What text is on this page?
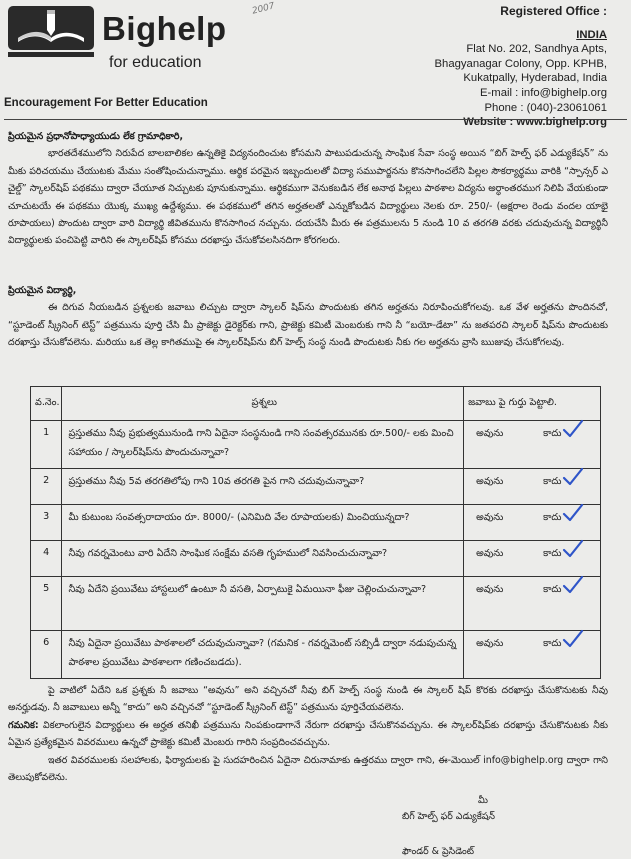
Bighelp
for education
Encouragement For Better Education
2007	Registered Office :
INDIA
Flat No. 202, Sandhya Apts,
Bhagyanagar Colony, Opp. KPHB,
Kukatpally, Hyderabad, India
E-mail : info@bighelp.org
Phone : (040)-23061061
Website : www.bighelp.org

ప్రియమైన ప్రధానోపాధ్యాయుడు లేక గ్రామాధికారి,

భారతదేశములోని నిరుపేద బాలబాలికల ఉన్నతికై విద్యనందించుట కోసమని పాటుపడుచున్న సాంఘిక సేవా సంస్థ అయిన “బిగ్ హెల్ప్ ఫర్ ఎడ్యుకేషన్” ను మీకు పరిచయము చేయుటకు మేము సంతోషించుచున్నాము. ఆర్థిక పరమైన ఇబ్బందులతో విద్యా సముపార్జనను కొనసాగించలేని పిల్లల సౌకర్యార్థము వారికి “స్పాన్సర్ ఎ చైల్డ్” స్కాలర్‌షిప్ పథకము ద్వారా చేయూత నిచ్చుటకు పూనుకున్నాము. ఆర్థికముగా వెనుకబడిన లేక అనాథ పిల్లలు పాఠశాల విద్యను అర్ధాంతరముగ నిలిపి వేయకుండా చూచుటయే ఈ పథకము యొక్క ముఖ్య ఉద్దేశ్యము. ఈ పథకములో తగిన అర్హతలతో ఎన్నుకోబడిన విద్యార్థులు నెలకు రూ. 250/- (అక్షరాల రెండు వందల యాభై రూపాయలు) పొందుట ద్వారా వారి విద్యార్థి జీవితమును కొనసాగించ నచ్చును. దయచేసి మీరు ఈ పత్రములను 5 నుండి 10 వ తరగతి వరకు చదువుచున్న విద్యార్థినీ విద్యార్థులకు పంచిపెట్టి వారిని ఈ స్కాలర్‌షిప్ కోసము దరఖాస్తు చేసుకోవలసినదిగా కోరగలరు.

ప్రియమైన విద్యార్థి,

ఈ దిగువ నీయబడిన ప్రశ్నలకు జవాబు లిచ్చుట ద్వారా స్కాలర్ షిప్‌ను పొందుటకు తగిన అర్హతను నిరూపించుకోగలవు. ఒక వేళ అర్హతను పొందినచో, “స్టూడెంట్ స్క్రీనింగ్ టెస్ట్” పత్రమును పూర్తి చేసి మీ ప్రాజెక్టు డైరెక్టర్‌కు గాని, ప్రాజెక్టు కమిటీ మెంబరుకు గాని నీ “బయో-డేటా” ను జతపరచి స్కాలర్ షిప్‌ను పొందుటకు దరఖాస్తు చేసుకోవలెను. మరియు ఒక తెల్ల కాగితముపై ఈ స్కాలర్‌షిప్‌ను బిగ్ హెల్ప్ సంస్థ నుండి పొందుటకు నీకు గల అర్హతను వ్రాసి ఋజువు చేసుకోగలవు.

వ.నెం.	ప్రశ్నలు	జవాబు పై గుర్తు పెట్టాలి.
1	ప్రస్తుతము నీవు ప్రభుత్వమునుండి గాని ఏదైనా సంస్థనుండి గాని సంవత్సరమునకు రూ.500/- లకు మించి సహాయం / స్కాలర్‌షిప్‌ను పొందుచున్నావా?	అవును కాదు

2	ప్రస్తుతము నీవు 5వ తరగతిలోపు గాని 10వ తరగతి పైన గాని చదువుచున్నావా?	అవును కాదు

3	మీ కుటుంబ సంవత్సరాదాయం రూ. 8000/- (ఎనిమిది వేల రూపాయలకు) మించియున్నదా?	అవును కాదు

4	నీవు గవర్నమెంటు వారి ఏదేని సాంఘిక సంక్షేమ వసతి గృహములో నివసించుచున్నావా?	అవును కాదు

5	నీవు ఏదేని ప్రయివేటు హాస్టలులో ఉంటూ నీ వసతి, ఏర్పాటుకై ఏమయినా ఫీజు చెల్లించుచున్నావా?	అవును కాదు

6	నీవు ఏదైనా ప్రయివేటు పాఠశాలలో చదువుచున్నావా? (గమనిక - గవర్నమెంట్ సబ్సిడీ ద్వారా నడుపుచున్న పాఠశాల ప్రయివేటు పాఠశాలగా గణించబడదు).	అవును కాదు

పై వాటిలో ఏదేని ఒక ప్రశ్నకు నీ జవాబు “అవును” అని వచ్చినచో నీవు బిగ్ హెల్ప్ సంస్థ నుండి ఈ స్కాలర్ షిప్ కొరకు దరఖాస్తు చేసుకొనుటకు నీవు అనర్హుడవు. నీ జవాబులు అన్నీ “కాదు” అని వచ్చినచో “స్టూడెంట్ స్క్రీనింగ్ టెస్ట్” పత్రమును పూర్తిచేయవలెను.

గమనిక: వికలాంగులైన విద్యార్థులు ఈ అర్హత తనిఖీ పత్రమును నింపకుండాగానే నేరుగా దరఖాస్తు చేసుకొనవచ్చును. ఈ స్కాలర్‌షిప్‌కు దరఖాస్తు చేసుకొనుటకు నీకు ఏమైన ప్రత్యేకమైన వివరములు ఉన్నచో ప్రాజెక్టు కమిటీ మెంబరు గారిని సంప్రదించవచ్చును.

ఇతర వివరములకు సలహాలకు, ఫిర్యాదులకు పై సుదహరించిన ఏదైనా చిరునామాకు ఉత్తరము ద్వారా గాని, ఈ-మెయిల్ info@bighelp.org ద్వారా గాని తెలుపుకోవలెను.

మీ
బిగ్ హెల్ప్ ఫర్ ఎడ్యుకేషన్
ఫౌండర్ & ప్రెసిడెంట్
